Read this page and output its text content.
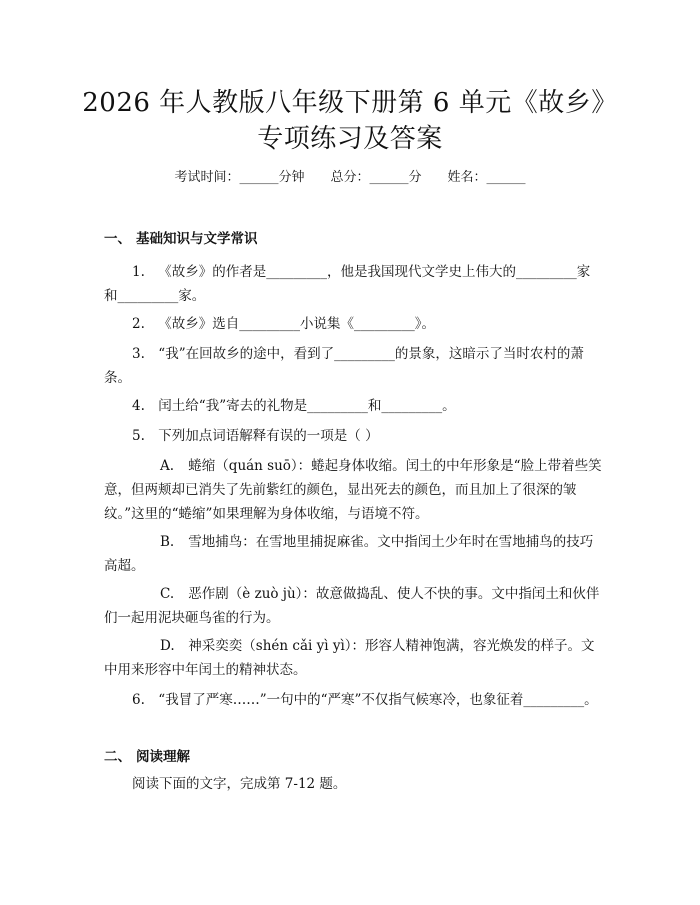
2026 年人教版八年级下册第 6 单元《故乡》
专项练习及答案
考试时间：______分钟 总分：______分 姓名：______
一、 基础知识与文学常识

1. 《故乡》的作者是_________，他是我国现代文学史上伟大的_________家和_________家。

2. 《故乡》选自_________小说集《_________》。

3. “我”在回故乡的途中，看到了_________的景象，这暗示了当时农村的萧条。

4. 闰土给“我”寄去的礼物是_________和_________。

5. 下列加点词语解释有误的一项是（ ）

A. 蜷缩（quán suō）：蜷起身体收缩。闰土的中年形象是“脸上带着些笑意，但两颊却已消失了先前紫红的颜色，显出死去的颜色，而且加上了很深的皱纹。”这里的“蜷缩”如果理解为身体收缩，与语境不符。

B. 雪地捕鸟：在雪地里捕捉麻雀。文中指闰土少年时在雪地捕鸟的技巧高超。

C. 恶作剧（è zuò jù）：故意做捣乱、使人不快的事。文中指闰土和伙伴们一起用泥块砸鸟雀的行为。

D. 神采奕奕（shén cǎi yì yì）：形容人精神饱满，容光焕发的样子。文中用来形容中年闰土的精神状态。

6. “我冒了严寒……”一句中的“严寒”不仅指气候寒冷，也象征着_________。

二、 阅读理解

阅读下面的文字，完成第 7-12 题。
